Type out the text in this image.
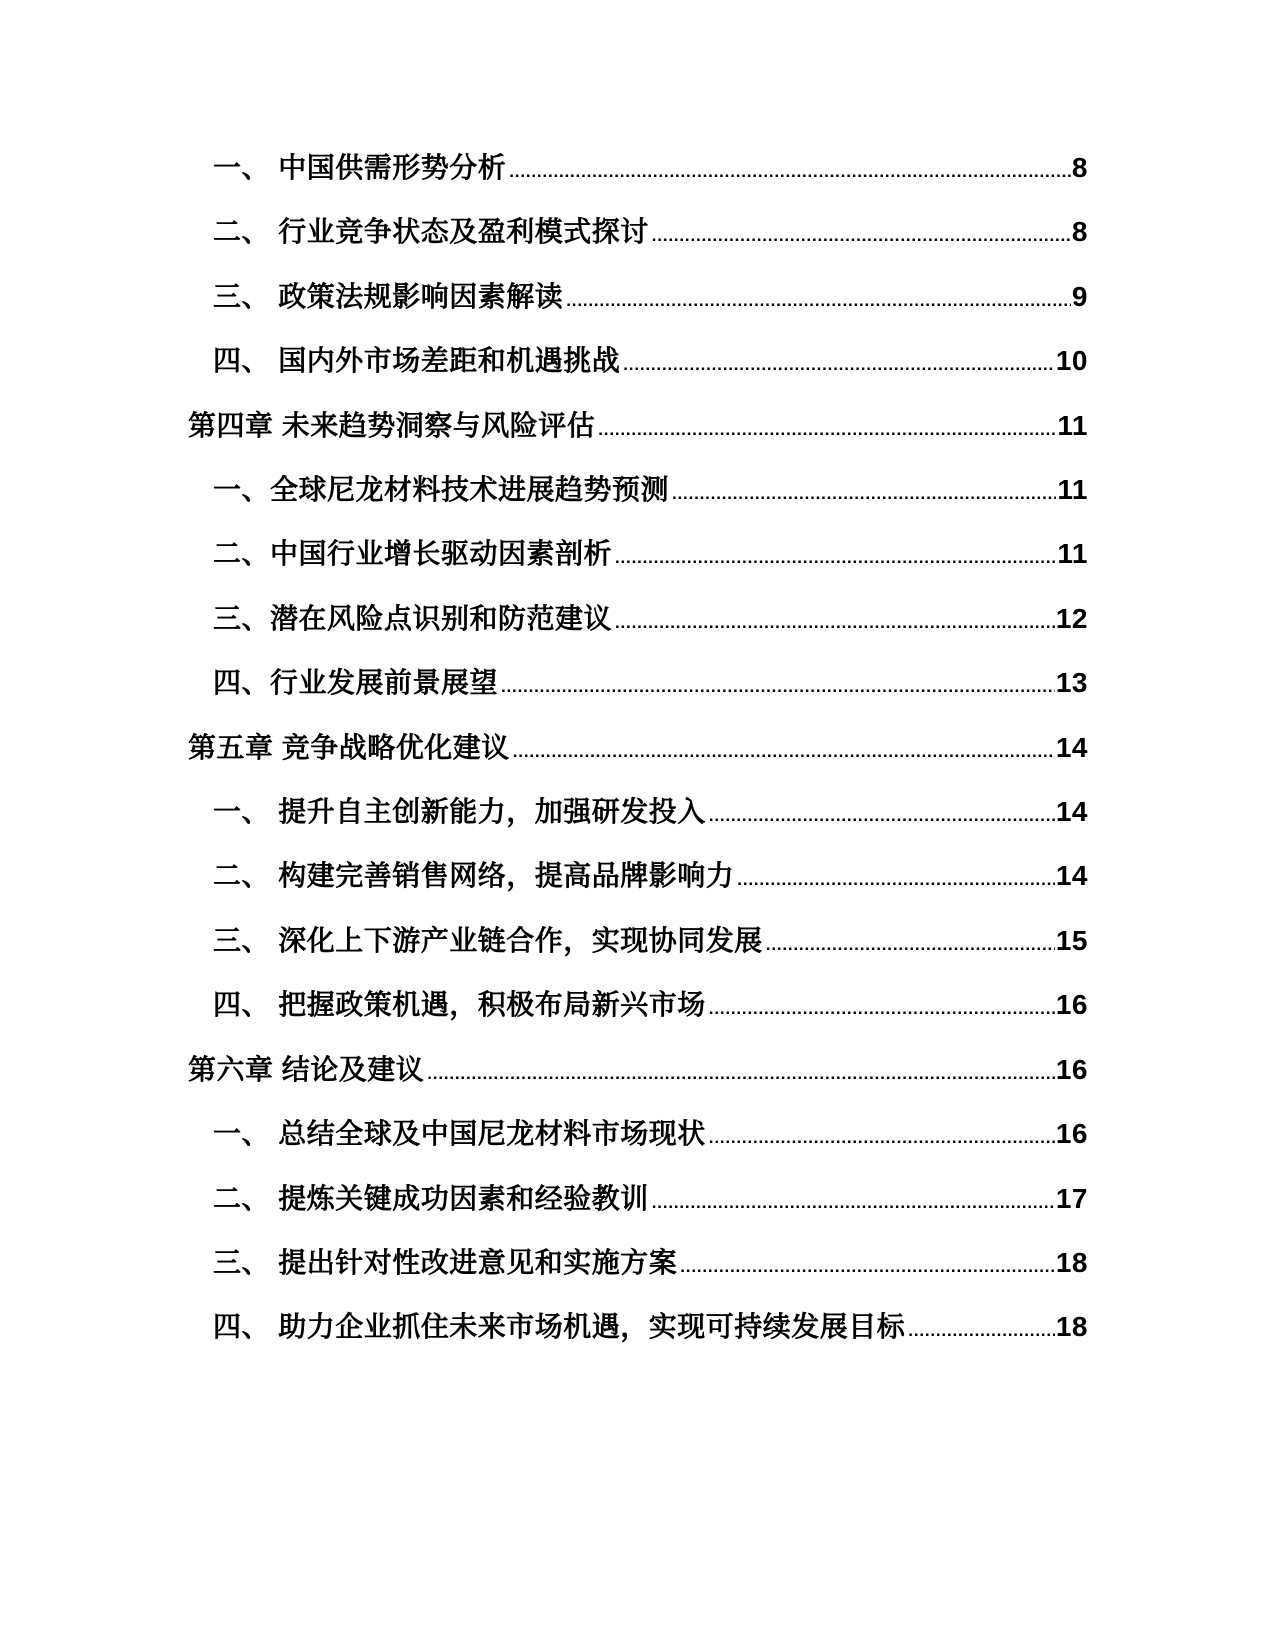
一、 中国供需形势分析 .....	8
二、 行业竞争状态及盈利模式探讨 .....	8
三、 政策法规影响因素解读 .....	9
四、 国内外市场差距和机遇挑战 .....	10
第四章 未来趋势洞察与风险评估 .....	11
一、全球尼龙材料技术进展趋势预测 .....	11
二、中国行业增长驱动因素剖析 .....	11
三、潜在风险点识别和防范建议 .....	12
四、行业发展前景展望 .....	13
第五章 竞争战略优化建议 .....	14
一、 提升自主创新能力，加强研发投入 .....	14
二、 构建完善销售网络，提高品牌影响力 .....	14
三、 深化上下游产业链合作，实现协同发展 .....	15
四、 把握政策机遇，积极布局新兴市场 .....	16
第六章 结论及建议 .....	16
一、 总结全球及中国尼龙材料市场现状 .....	16
二、 提炼关键成功因素和经验教训 .....	17
三、 提出针对性改进意见和实施方案 .....	18
四、 助力企业抓住未来市场机遇，实现可持续发展目标 .....	18
